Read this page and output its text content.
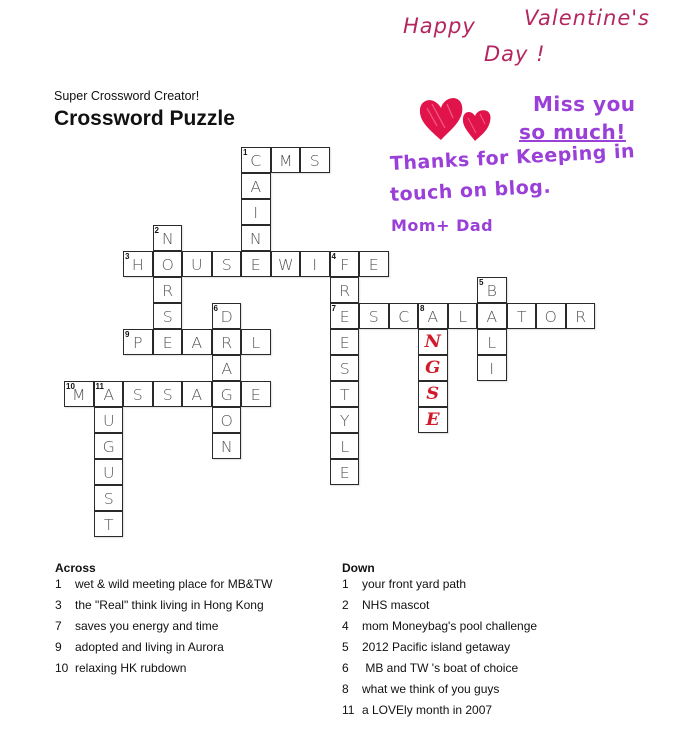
Super Crossword Creator!
Crossword Puzzle
Happy Valentine's
Day !
Miss you
so much!
Thanks for Keeping in
touch on blog.
Mom+ Dad
1 C	M	S
A
I
N
E
2 N
O
R
S
E
3 H	U	S	W	I	4 F	E
R
7 E
E
S
T
Y
L
E
5 B
A
L
I
6 D
R
A
G
O
N
S	C	8 A	L	T	O	R
N
G
S
E
9 P	A	L
10
M	11
A	S	S	A	E
U
G
U
S
T
Across
1 wet & wild meeting place for MB&TW
3 the "Real" think living in Hong Kong
7 saves you energy and time
9 adopted and living in Aurora
10 relaxing HK rubdown
Down
1 your front yard path
2 NHS mascot
4 mom Moneybag's pool challenge
5 2012 Pacific island getaway
6 MB and TW 's boat of choice
8 what we think of you guys
11 a LOVEly month in 2007
